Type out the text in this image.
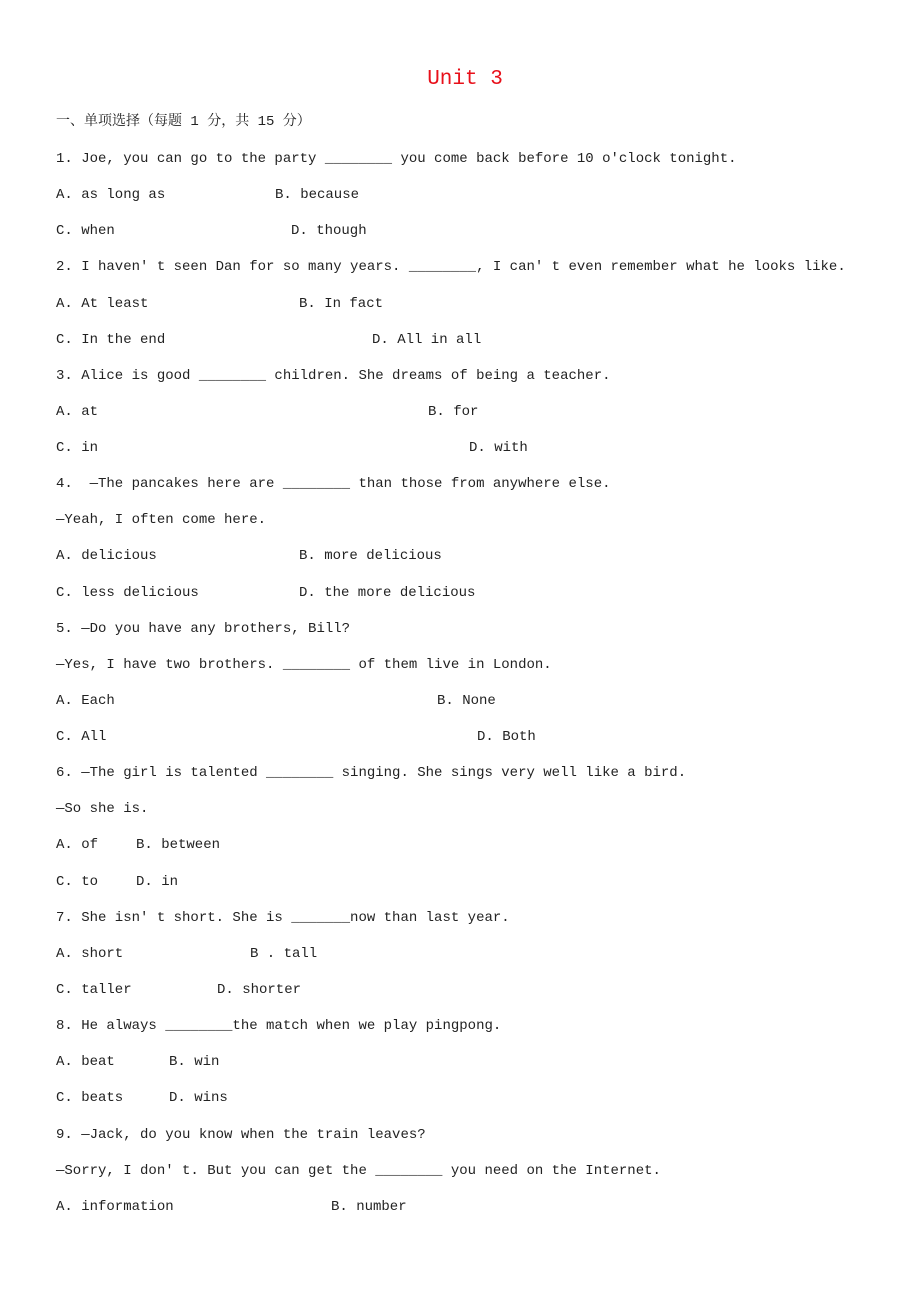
Unit 3
一、单项选择（每题 1 分，共 15 分）
1. Joe, you can go to the party ________ you come back before 10 o'clock tonight.
A. as long as	B. because
C. when	D. though
2. I haven' t seen Dan for so many years. ________, I can' t even remember what he looks like.
A. At least	B. In fact
C. In the end	D. All in all
3. Alice is good ________ children. She dreams of being a teacher.
A. at	B. for
C. in	D. with
4.  —The pancakes here are ________ than those from anywhere else.
—Yeah, I often come here.
A. delicious	B. more delicious
C. less delicious	D. the more delicious
5. —Do you have any brothers, Bill?
—Yes, I have two brothers. ________ of them live in London.
A. Each	B. None
C. All	D. Both
6. —The girl is talented ________ singing. She sings very well like a bird.
—So she is.
A. of	B. between
C. to	D. in
7. She isn' t short. She is _______now than last year.
A. short	B . tall
C. taller	D. shorter
8. He always ________the match when we play pingpong.
A. beat	B. win
C. beats	D. wins
9. —Jack, do you know when the train leaves?
—Sorry, I don' t. But you can get the ________ you need on the Internet.
A. information	B. number
